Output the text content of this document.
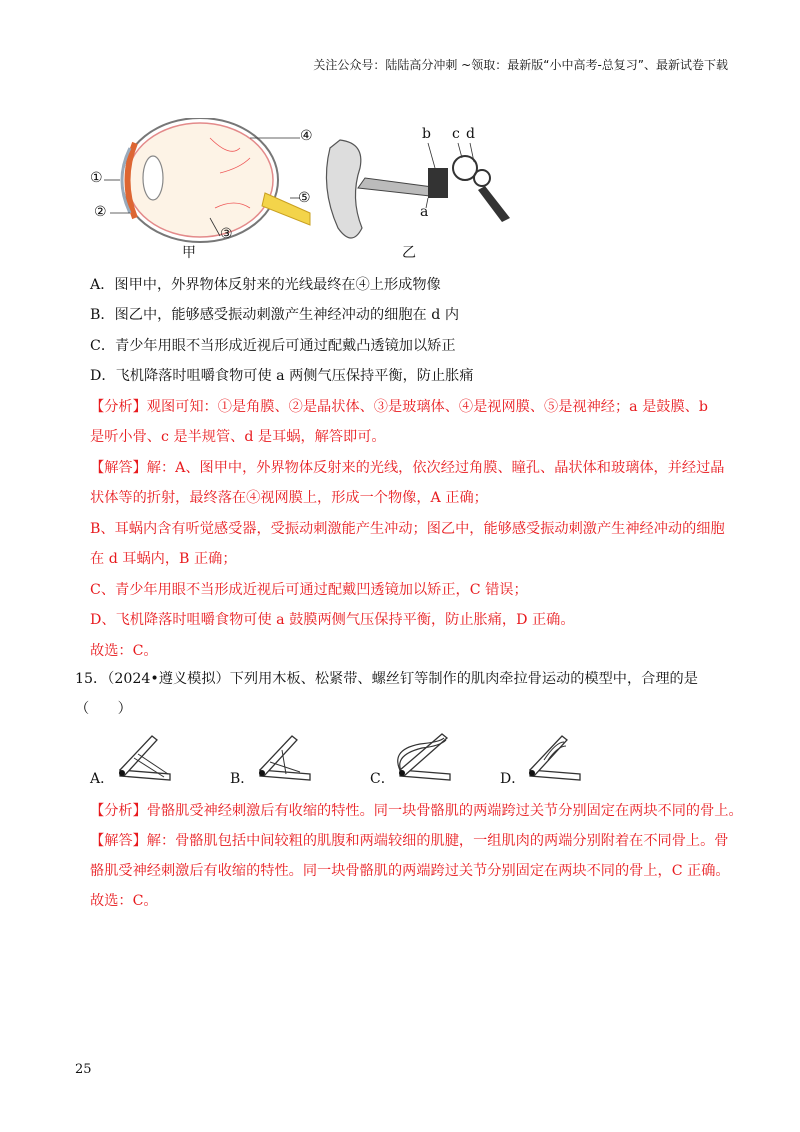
关注公众号：陆陆高分冲刺 ~领取：最新版“小中高考-总复习”、最新试卷下载
④
①
②
⑤
③
b c d
a
甲	乙
A．图甲中，外界物体反射来的光线最终在④上形成物像
B．图乙中，能够感受振动刺激产生神经冲动的细胞在 d 内
C．青少年用眼不当形成近视后可通过配戴凸透镜加以矫正
D．飞机降落时咀嚼食物可使 a 两侧气压保持平衡，防止胀痛
【分析】观图可知：①是角膜、②是晶状体、③是玻璃体、④是视网膜、⑤是视神经；a 是鼓膜、b
是听小骨、c 是半规管、d 是耳蜗，解答即可。
【解答】解：A、图甲中，外界物体反射来的光线，依次经过角膜、瞳孔、晶状体和玻璃体，并经过晶
状体等的折射，最终落在④视网膜上，形成一个物像，A 正确；
B、耳蜗内含有听觉感受器，受振动刺激能产生冲动；图乙中，能够感受振动刺激产生神经冲动的细胞
在 d 耳蜗内，B 正确；
C、青少年用眼不当形成近视后可通过配戴凹透镜加以矫正，C 错误；
D、飞机降落时咀嚼食物可使 a 鼓膜两侧气压保持平衡，防止胀痛，D 正确。
故选：C。
15．（2024•遵义模拟）下列用木板、松紧带、螺丝钉等制作的肌肉牵拉骨运动的模型中，合理的是
（　　）
A．	B．	C．	D．
【分析】骨骼肌受神经刺激后有收缩的特性。同一块骨骼肌的两端跨过关节分别固定在两块不同的骨上。
【解答】解：骨骼肌包括中间较粗的肌腹和两端较细的肌腱，一组肌肉的两端分别附着在不同骨上。骨
骼肌受神经刺激后有收缩的特性。同一块骨骼肌的两端跨过关节分别固定在两块不同的骨上，C 正确。
故选：C。
25
